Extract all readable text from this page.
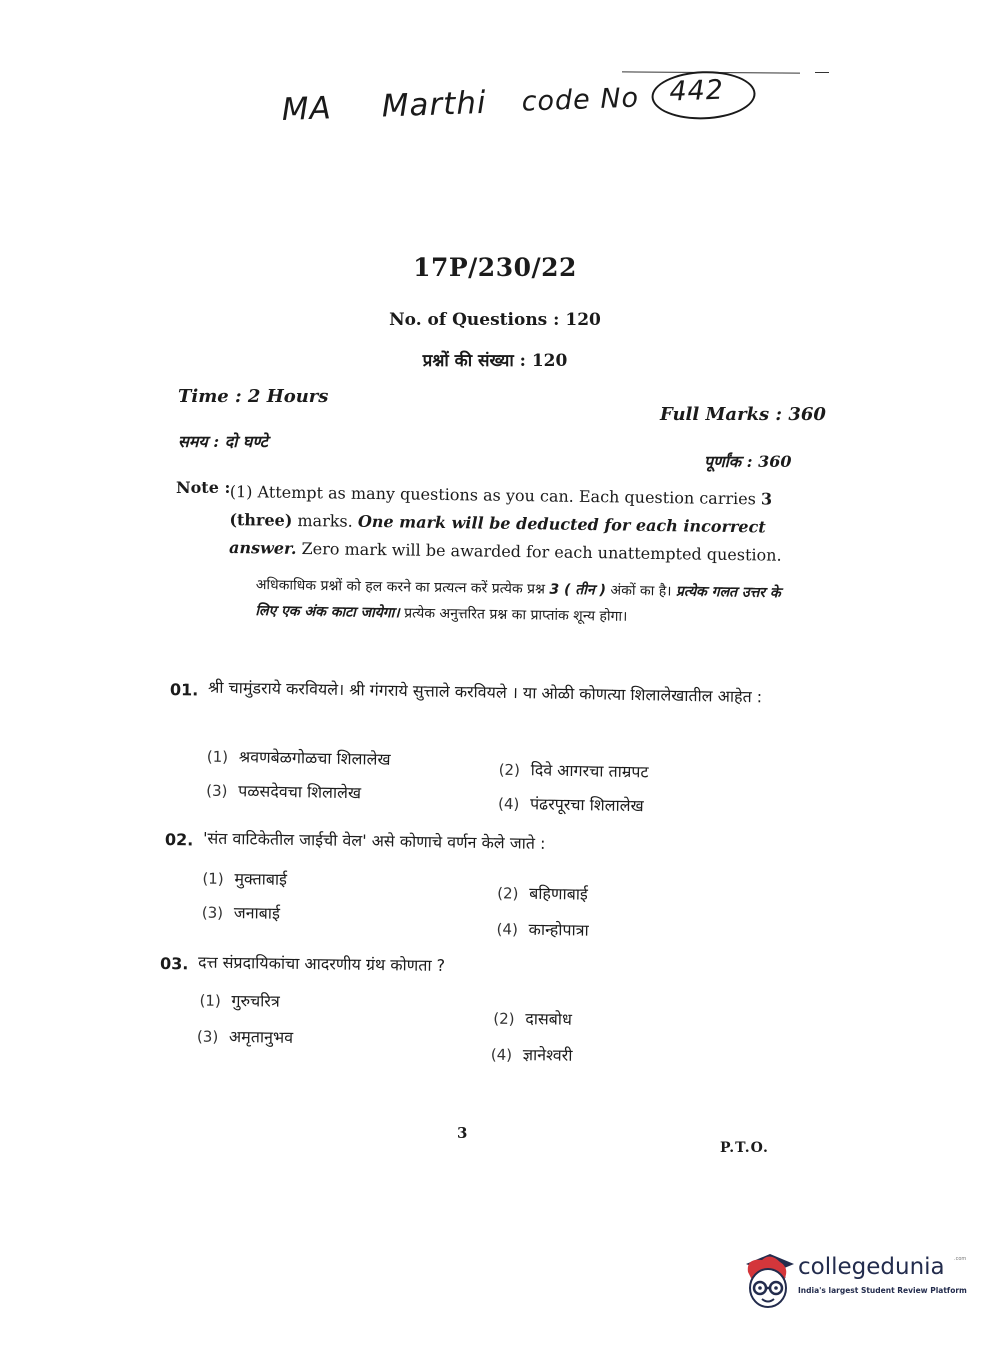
MA Marthi code No 442
17P/230/22
No. of Questions : 120
प्रश्नों की संख्या : 120
Time : 2 Hours
समय : दो घण्टे
Full Marks : 360
पूर्णांक : 360
Note : (1) Attempt as many questions as you can. Each question carries 3 (three) marks. One mark will be deducted for each incorrect answer. Zero mark will be awarded for each unattempted question.
अधिकाधिक प्रश्नों को हल करने का प्रत्यत्न करें प्रत्येक प्रश्न 3 ( तीन ) अंकों का है। प्रत्येक गलत उत्तर के लिए एक अंक काटा जायेगा। प्रत्येक अनुत्तरित प्रश्न का प्राप्तांक शून्य होगा।
01. श्री चामुंडराये करवियले। श्री गंगराये सुत्ताले करवियले । या ओळी कोणत्या शिलालेखातील आहेत :
(1) श्रवणबेळगोळचा शिलालेख
(2) दिवे आगरचा ताम्रपट
(3) पळसदेवचा शिलालेख
(4) पंढरपूरचा शिलालेख
02. 'संत वाटिकेतील जाईची वेल' असे कोणाचे वर्णन केले जाते :
(1) मुक्ताबाई
(2) बहिणाबाई
(3) जनाबाई
(4) कान्होपात्रा
03. दत्त संप्रदायिकांचा आदरणीय ग्रंथ कोणता ?
(1) गुरुचरित्र
(2) दासबोध
(3) अमृतानुभव
(4) ज्ञानेश्वरी
3
P.T.O.
collegedunia .com
India's largest Student Review Platform
